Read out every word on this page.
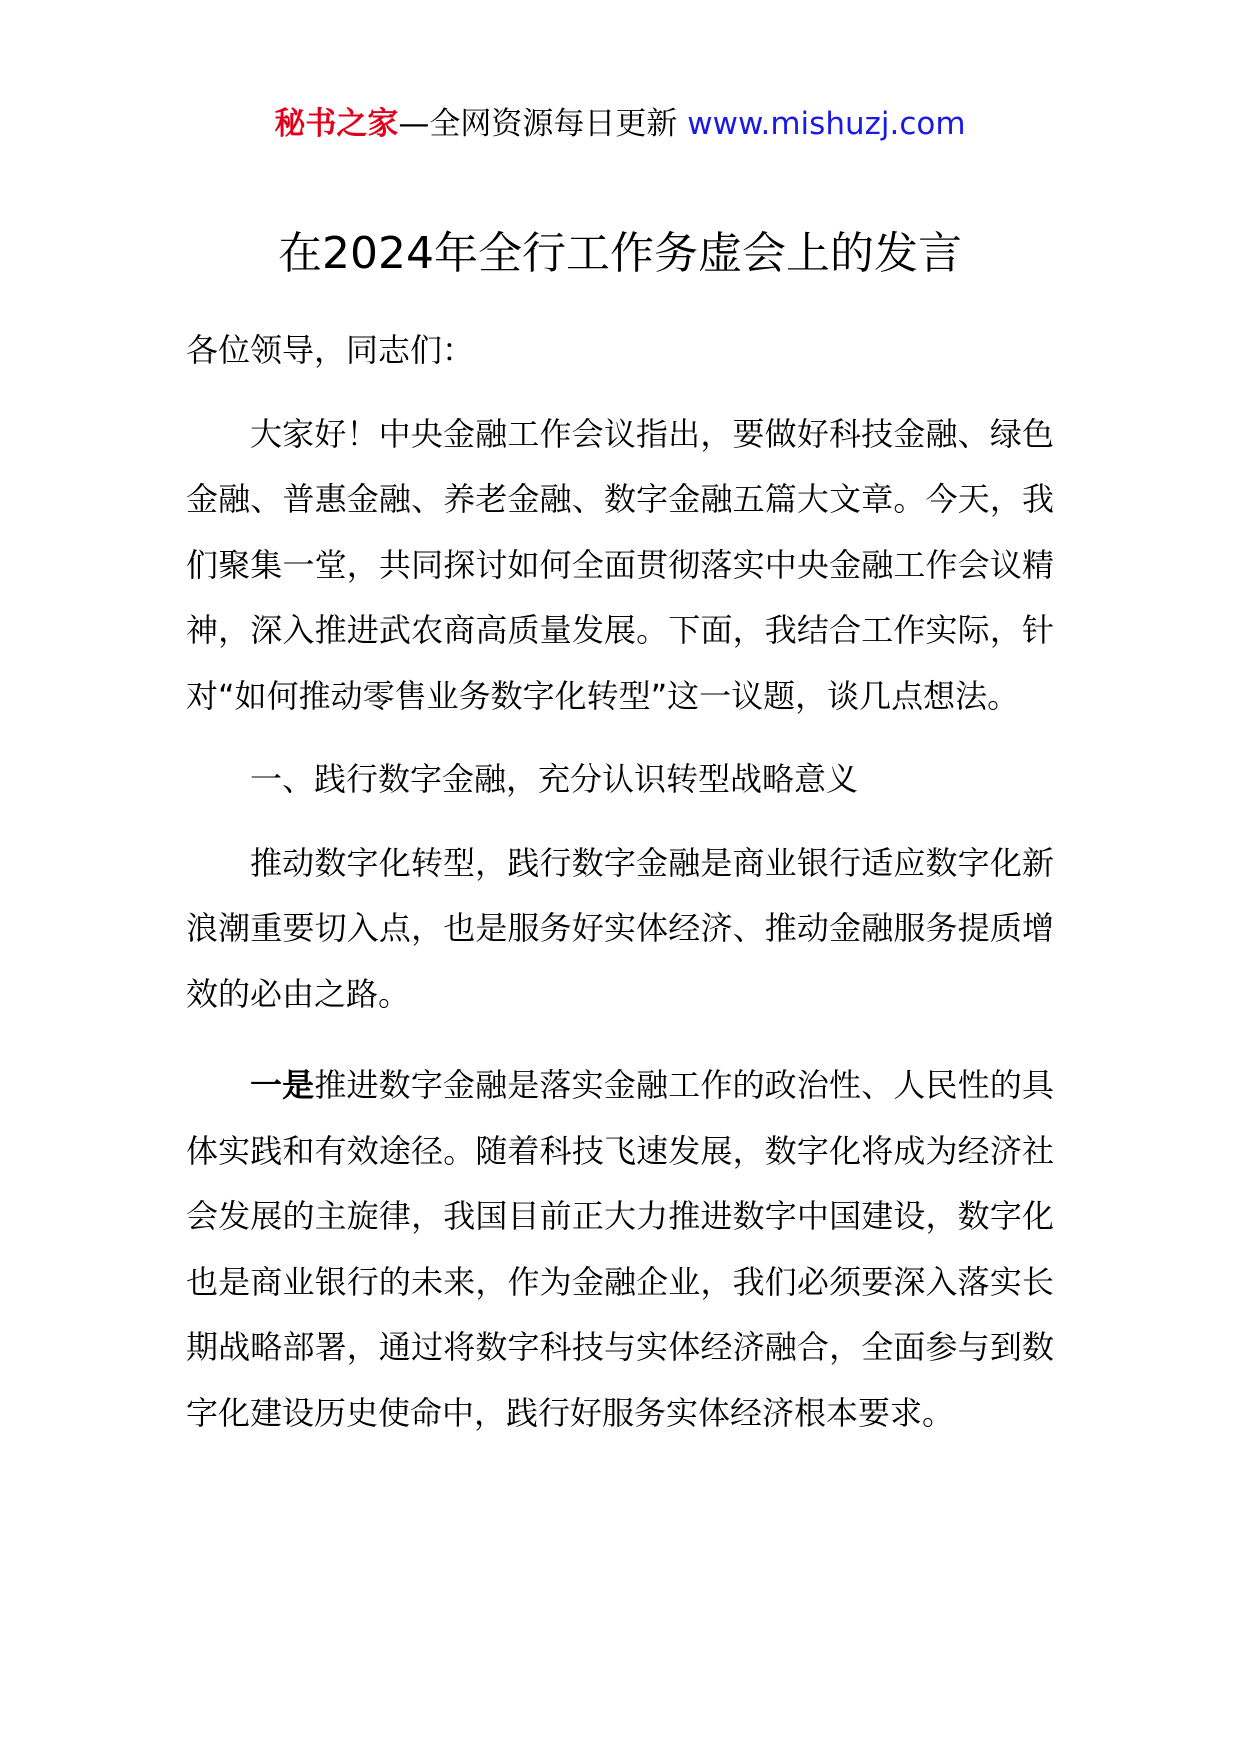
秘书之家—全网资源每日更新 www.mishuzj.com
在2024年全行工作务虚会上的发言

各位领导，同志们：

大家好！中央金融工作会议指出，要做好科技金融、绿色金融、普惠金融、养老金融、数字金融五篇大文章。今天，我们聚集一堂，共同探讨如何全面贯彻落实中央金融工作会议精神，深入推进武农商高质量发展。下面，我结合工作实际，针对“如何推动零售业务数字化转型”这一议题，谈几点想法。

一、践行数字金融，充分认识转型战略意义

推动数字化转型，践行数字金融是商业银行适应数字化新浪潮重要切入点，也是服务好实体经济、推动金融服务提质增效的必由之路。

一是推进数字金融是落实金融工作的政治性、人民性的具体实践和有效途径。随着科技飞速发展，数字化将成为经济社会发展的主旋律，我国目前正大力推进数字中国建设，数字化也是商业银行的未来，作为金融企业，我们必须要深入落实长期战略部署，通过将数字科技与实体经济融合，全面参与到数字化建设历史使命中，践行好服务实体经济根本要求。
